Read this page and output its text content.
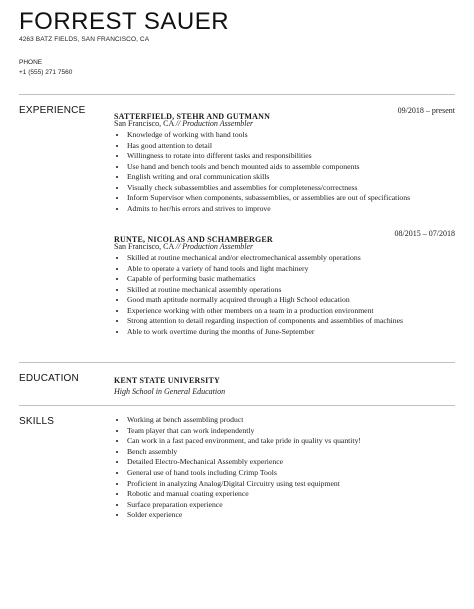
FORREST SAUER
4263 BATZ FIELDS, SAN FRANCISCO, CA
PHONE
+1 (555) 271 7560
EXPERIENCE
SATTERFIELD, STEHR AND GUTMANN
09/2018 – present
San Francisco, CA // Production Assembler
• Knowledge of working with hand tools
• Has good attention to detail
• Willingness to rotate into different tasks and responsibilities
• Use hand and bench tools and bench mounted aids to assemble components
• English writing and oral communication skills
• Visually check subassemblies and assemblies for completeness/correctness
• Inform Supervisor when components, subassemblies, or assemblies are out of specifications
• Admits to her/his errors and strives to improve
RUNTE, NICOLAS AND SCHAMBERGER
08/2015 – 07/2018
San Francisco, CA // Production Assembler
• Skilled at routine mechanical and/or electromechanical assembly operations
• Able to operate a variety of hand tools and light machinery
• Capable of performing basic mathematics
• Skilled at routine mechanical assembly operations
• Good math aptitude normally acquired through a High School education
• Experience working with other members on a team in a production environment
• Strong attention to detail regarding inspection of components and assemblies of machines
• Able to work overtime during the months of June-September
EDUCATION	KENT STATE UNIVERSITY
High School in General Education
SKILLS
•	Working at bench assembling product
• Team player that can work independently
• Can work in a fast paced environment, and take pride in quality vs quantity!
• Bench assembly
• Detailed Electro-Mechanical Assembly experience
• General use of hand tools including Crimp Tools
• Proficient in analyzing Analog/Digital Circuitry using test equipment
• Robotic and manual coating experience
• Surface preparation experience
• Solder experience
